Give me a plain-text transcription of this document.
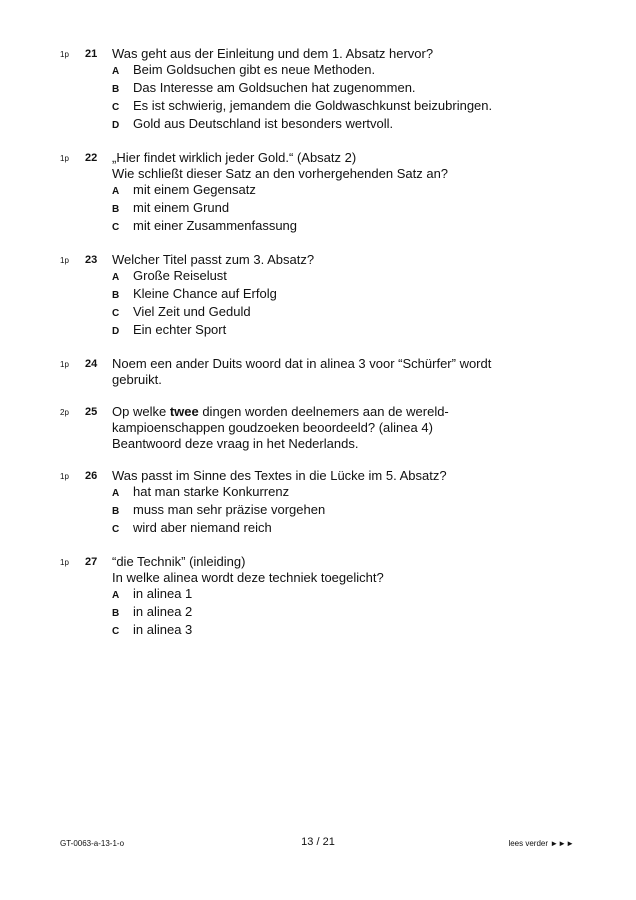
1p 21 Was geht aus der Einleitung und dem 1. Absatz hervor?

A	Beim Goldsuchen gibt es neue Methoden.
B	Das Interesse am Goldsuchen hat zugenommen.
C	Es ist schwierig, jemandem die Goldwaschkunst beizubringen.
D	Gold aus Deutschland ist besonders wertvoll.
1p 22 „Hier findet wirklich jeder Gold.“ (Absatz 2)

Wie schließt dieser Satz an den vorhergehenden Satz an?

A	mit einem Gegensatz
B	mit einem Grund
C	mit einer Zusammenfassung
1p 23 Welcher Titel passt zum 3. Absatz?

A	Große Reiselust
B	Kleine Chance auf Erfolg
C	Viel Zeit und Geduld
D	Ein echter Sport
1p 24 Noem een ander Duits woord dat in alinea 3 voor “Schürfer” wordt

gebruikt.

2p 25 Op welke twee dingen worden deelnemers aan de wereld-

kampioenschappen goudzoeken beoordeeld? (alinea 4)

Beantwoord deze vraag in het Nederlands.

1p 26 Was passt im Sinne des Textes in die Lücke im 5. Absatz?

A	hat man starke Konkurrenz
B	muss man sehr präzise vorgehen
C	wird aber niemand reich
1p 27 “die Technik” (inleiding)

In welke alinea wordt deze techniek toegelicht?

A	in alinea 1
B	in alinea 2
C	in alinea 3
GT-0063-a-13-1-o	13 / 21	lees verder ►►►
